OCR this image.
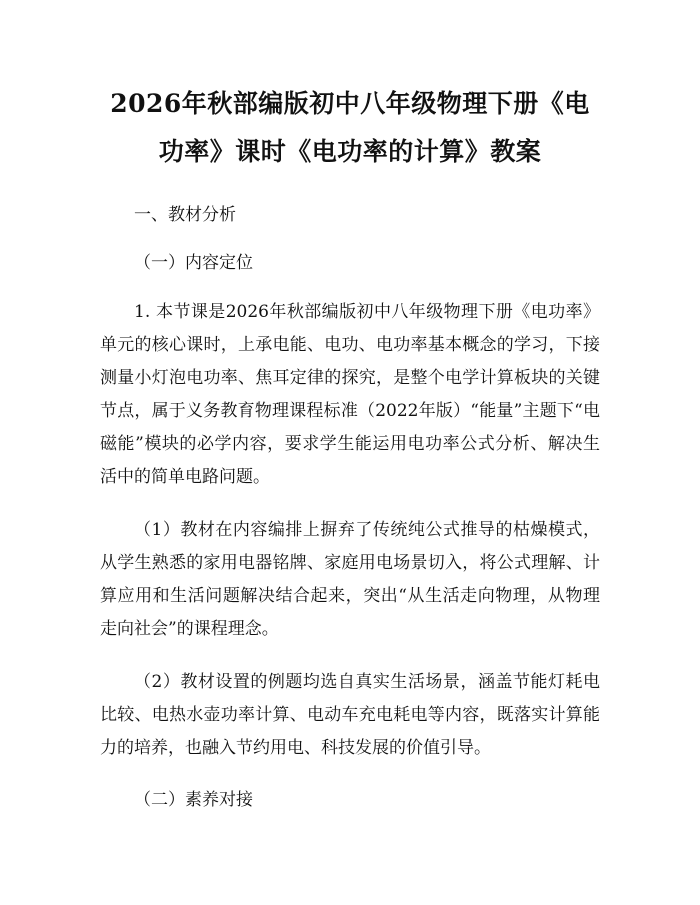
2026年秋部编版初中八年级物理下册《电功率》课时《电功率的计算》教案

一、教材分析

（一）内容定位

1. 本节课是2026年秋部编版初中八年级物理下册《电功率》单元的核心课时，上承电能、电功、电功率基本概念的学习，下接测量小灯泡电功率、焦耳定律的探究，是整个电学计算板块的关键节点，属于义务教育物理课程标准（2022年版）“能量”主题下“电磁能”模块的必学内容，要求学生能运用电功率公式分析、解决生活中的简单电路问题。

（1）教材在内容编排上摒弃了传统纯公式推导的枯燥模式，从学生熟悉的家用电器铭牌、家庭用电场景切入，将公式理解、计算应用和生活问题解决结合起来，突出“从生活走向物理，从物理走向社会”的课程理念。

（2）教材设置的例题均选自真实生活场景，涵盖节能灯耗电比较、电热水壶功率计算、电动车充电耗电等内容，既落实计算能力的培养，也融入节约用电、科技发展的价值引导。

（二）素养对接
